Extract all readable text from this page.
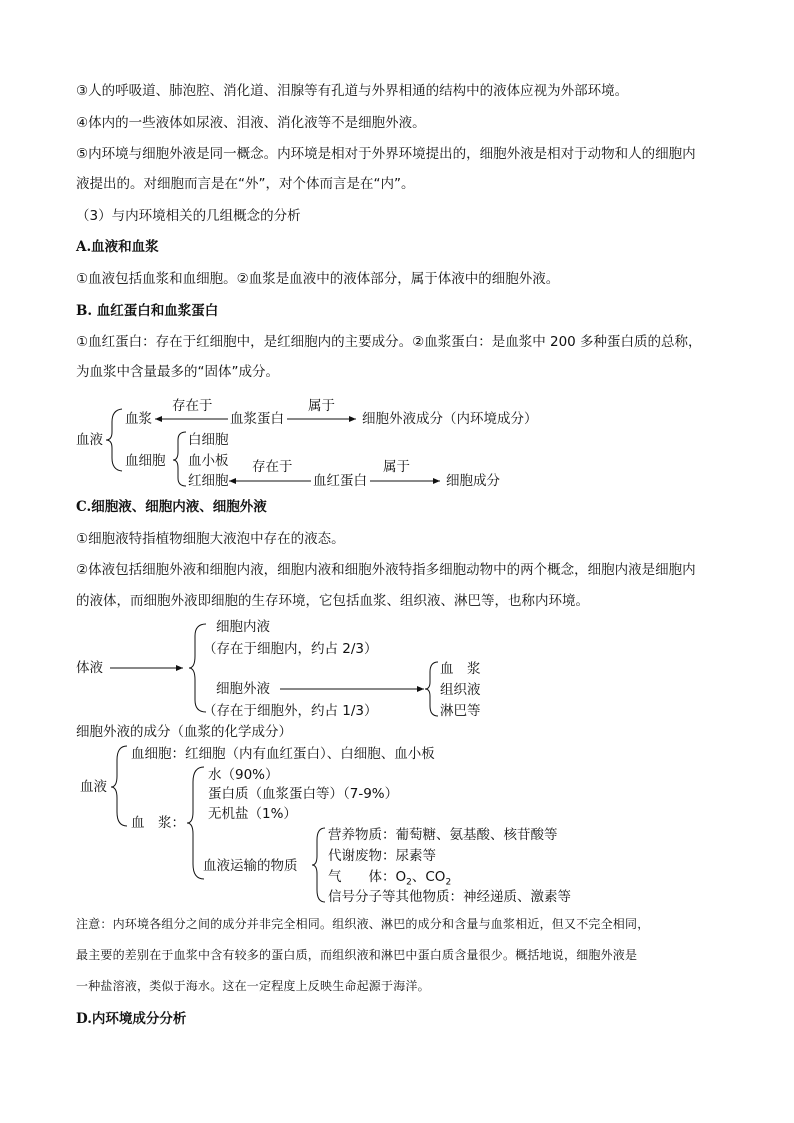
③人的呼吸道、肺泡腔、消化道、泪腺等有孔道与外界相通的结构中的液体应视为外部环境。
④体内的一些液体如尿液、泪液、消化液等不是细胞外液。
⑤内环境与细胞外液是同一概念。内环境是相对于外界环境提出的，细胞外液是相对于动物和人的细胞内
液提出的。对细胞而言是在“外”，对个体而言是在“内”。
（3）与内环境相关的几组概念的分析
A.血液和血浆
①血液包括血浆和血细胞。②血浆是血液中的液体部分，属于体液中的细胞外液。
B. 血红蛋白和血浆蛋白
①血红蛋白：存在于红细胞中，是红细胞内的主要成分。②血浆蛋白：是血浆中 200 多种蛋白质的总称，
为血浆中含量最多的“固体”成分。
血液
血浆
存在于
血浆蛋白
属于
细胞外液成分（内环境成分）
血细胞
白细胞
血小板
红细胞
存在于
血红蛋白
属于
细胞成分
C.细胞液、细胞内液、细胞外液
①细胞液特指植物细胞大液泡中存在的液态。
②体液包括细胞外液和细胞内液，细胞内液和细胞外液特指多细胞动物中的两个概念，细胞内液是细胞内
的液体，而细胞外液即细胞的生存环境，它包括血浆、组织液、淋巴等，也称内环境。
体液
细胞内液
（存在于细胞内，约占 2/3）
细胞外液
（存在于细胞外，约占 1/3）
血　浆
组织液
淋巴等
细胞外液的成分（血浆的化学成分）
血液
血细胞：红细胞（内有血红蛋白）、白细胞、血小板
血　浆：
水（90%）
蛋白质（血浆蛋白等）（7-9%）
无机盐（1%）
血液运输的物质
营养物质：葡萄糖、氨基酸、核苷酸等
代谢废物：尿素等
气　　体：$O_2$、$CO_2$
信号分子等其他物质：神经递质、激素等
注意：内环境各组分之间的成分并非完全相同。组织液、淋巴的成分和含量与血浆相近，但又不完全相同，
最主要的差别在于血浆中含有较多的蛋白质，而组织液和淋巴中蛋白质含量很少。概括地说，细胞外液是
一种盐溶液，类似于海水。这在一定程度上反映生命起源于海洋。
D.内环境成分分析
